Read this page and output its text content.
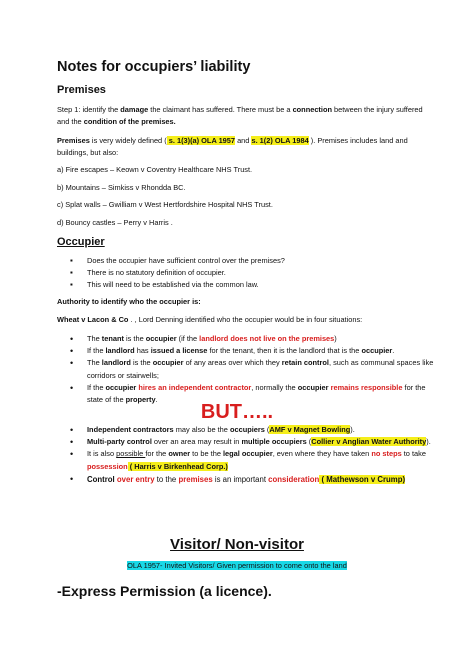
Notes for occupiers’ liability
Premises
Step 1: identify the damage the claimant has suffered. There must be a connection between the injury suffered and the condition of the premises.
Premises is very widely defined ( s. 1(3)(a) OLA 1957 and s. 1(2) OLA 1984 ). Premises includes land and buildings, but also:
a) Fire escapes – Keown v Coventry Healthcare NHS Trust.
b) Mountains – Simkiss v Rhondda BC.
c) Splat walls – Gwilliam v West Hertfordshire Hospital NHS Trust.
d) Bouncy castles – Perry v Harris .
Occupier
▪ Does the occupier have sufficient control over the premises?
▪ There is no statutory definition of occupier.
▪ This will need to be established via the common law.
Authority to identify who the occupier is:
Wheat v Lacon & Co . , Lord Denning identified who the occupier would be in four situations:
• The tenant is the occupier (if the landlord does not live on the premises)
• If the landlord has issued a license for the tenant, then it is the landlord that is the occupier.
• The landlord is the occupier of any areas over which they retain control, such as communal spaces like corridors or stairwells;
• If the occupier hires an independent contractor, normally the occupier remains responsible for the state of the property.
BUT…..
• Independent contractors may also be the occupiers (AMF v Magnet Bowling).
• Multi-party control over an area may result in multiple occupiers (Collier v Anglian Water Authority).
• It is also possible for the owner to be the legal occupier, even where they have taken no steps to take possession ( Harris v Birkenhead Corp.)
• Control over entry to the premises is an important consideration ( Mathewson v Crump)
Visitor/ Non-visitor
OLA 1957- Invited Visitors/ Given permission to come onto the land
-Express Permission (a licence).
